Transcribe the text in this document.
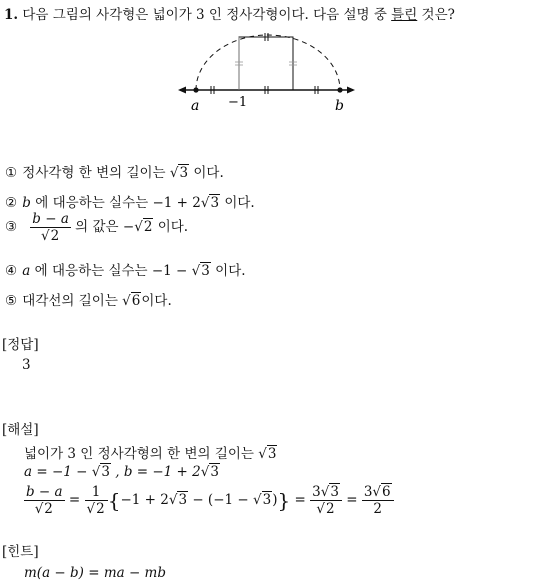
1. 다음 그림의 사각형은 넓이가 3 인 정사각형이다. 다음 설명 중 틀린 것은?
a −1	b
① 정사각형 한 변의 길이는 √3 이다.
② b 에 대응하는 실수는 −1 + 2√3 이다.
③ $\frac{b - a}{√2}$ 의 값은 −√2 이다.
④ a 에 대응하는 실수는 −1 − √3 이다.
⑤ 대각선의 길이는 √6이다.
[정답]
3
[해설]
넓이가 3 인 정사각형의 한 변의 길이는 √3
a = −1 − √3 , b = −1 + 2√3
$\frac{b - a}{√2} = \frac{1}{√2} \{-1 + 2√3 - (-1 - √3)\} = \frac{3√3}{√2} = \frac{3√6}{2}$
[힌트]
m(a − b) = ma − mb
